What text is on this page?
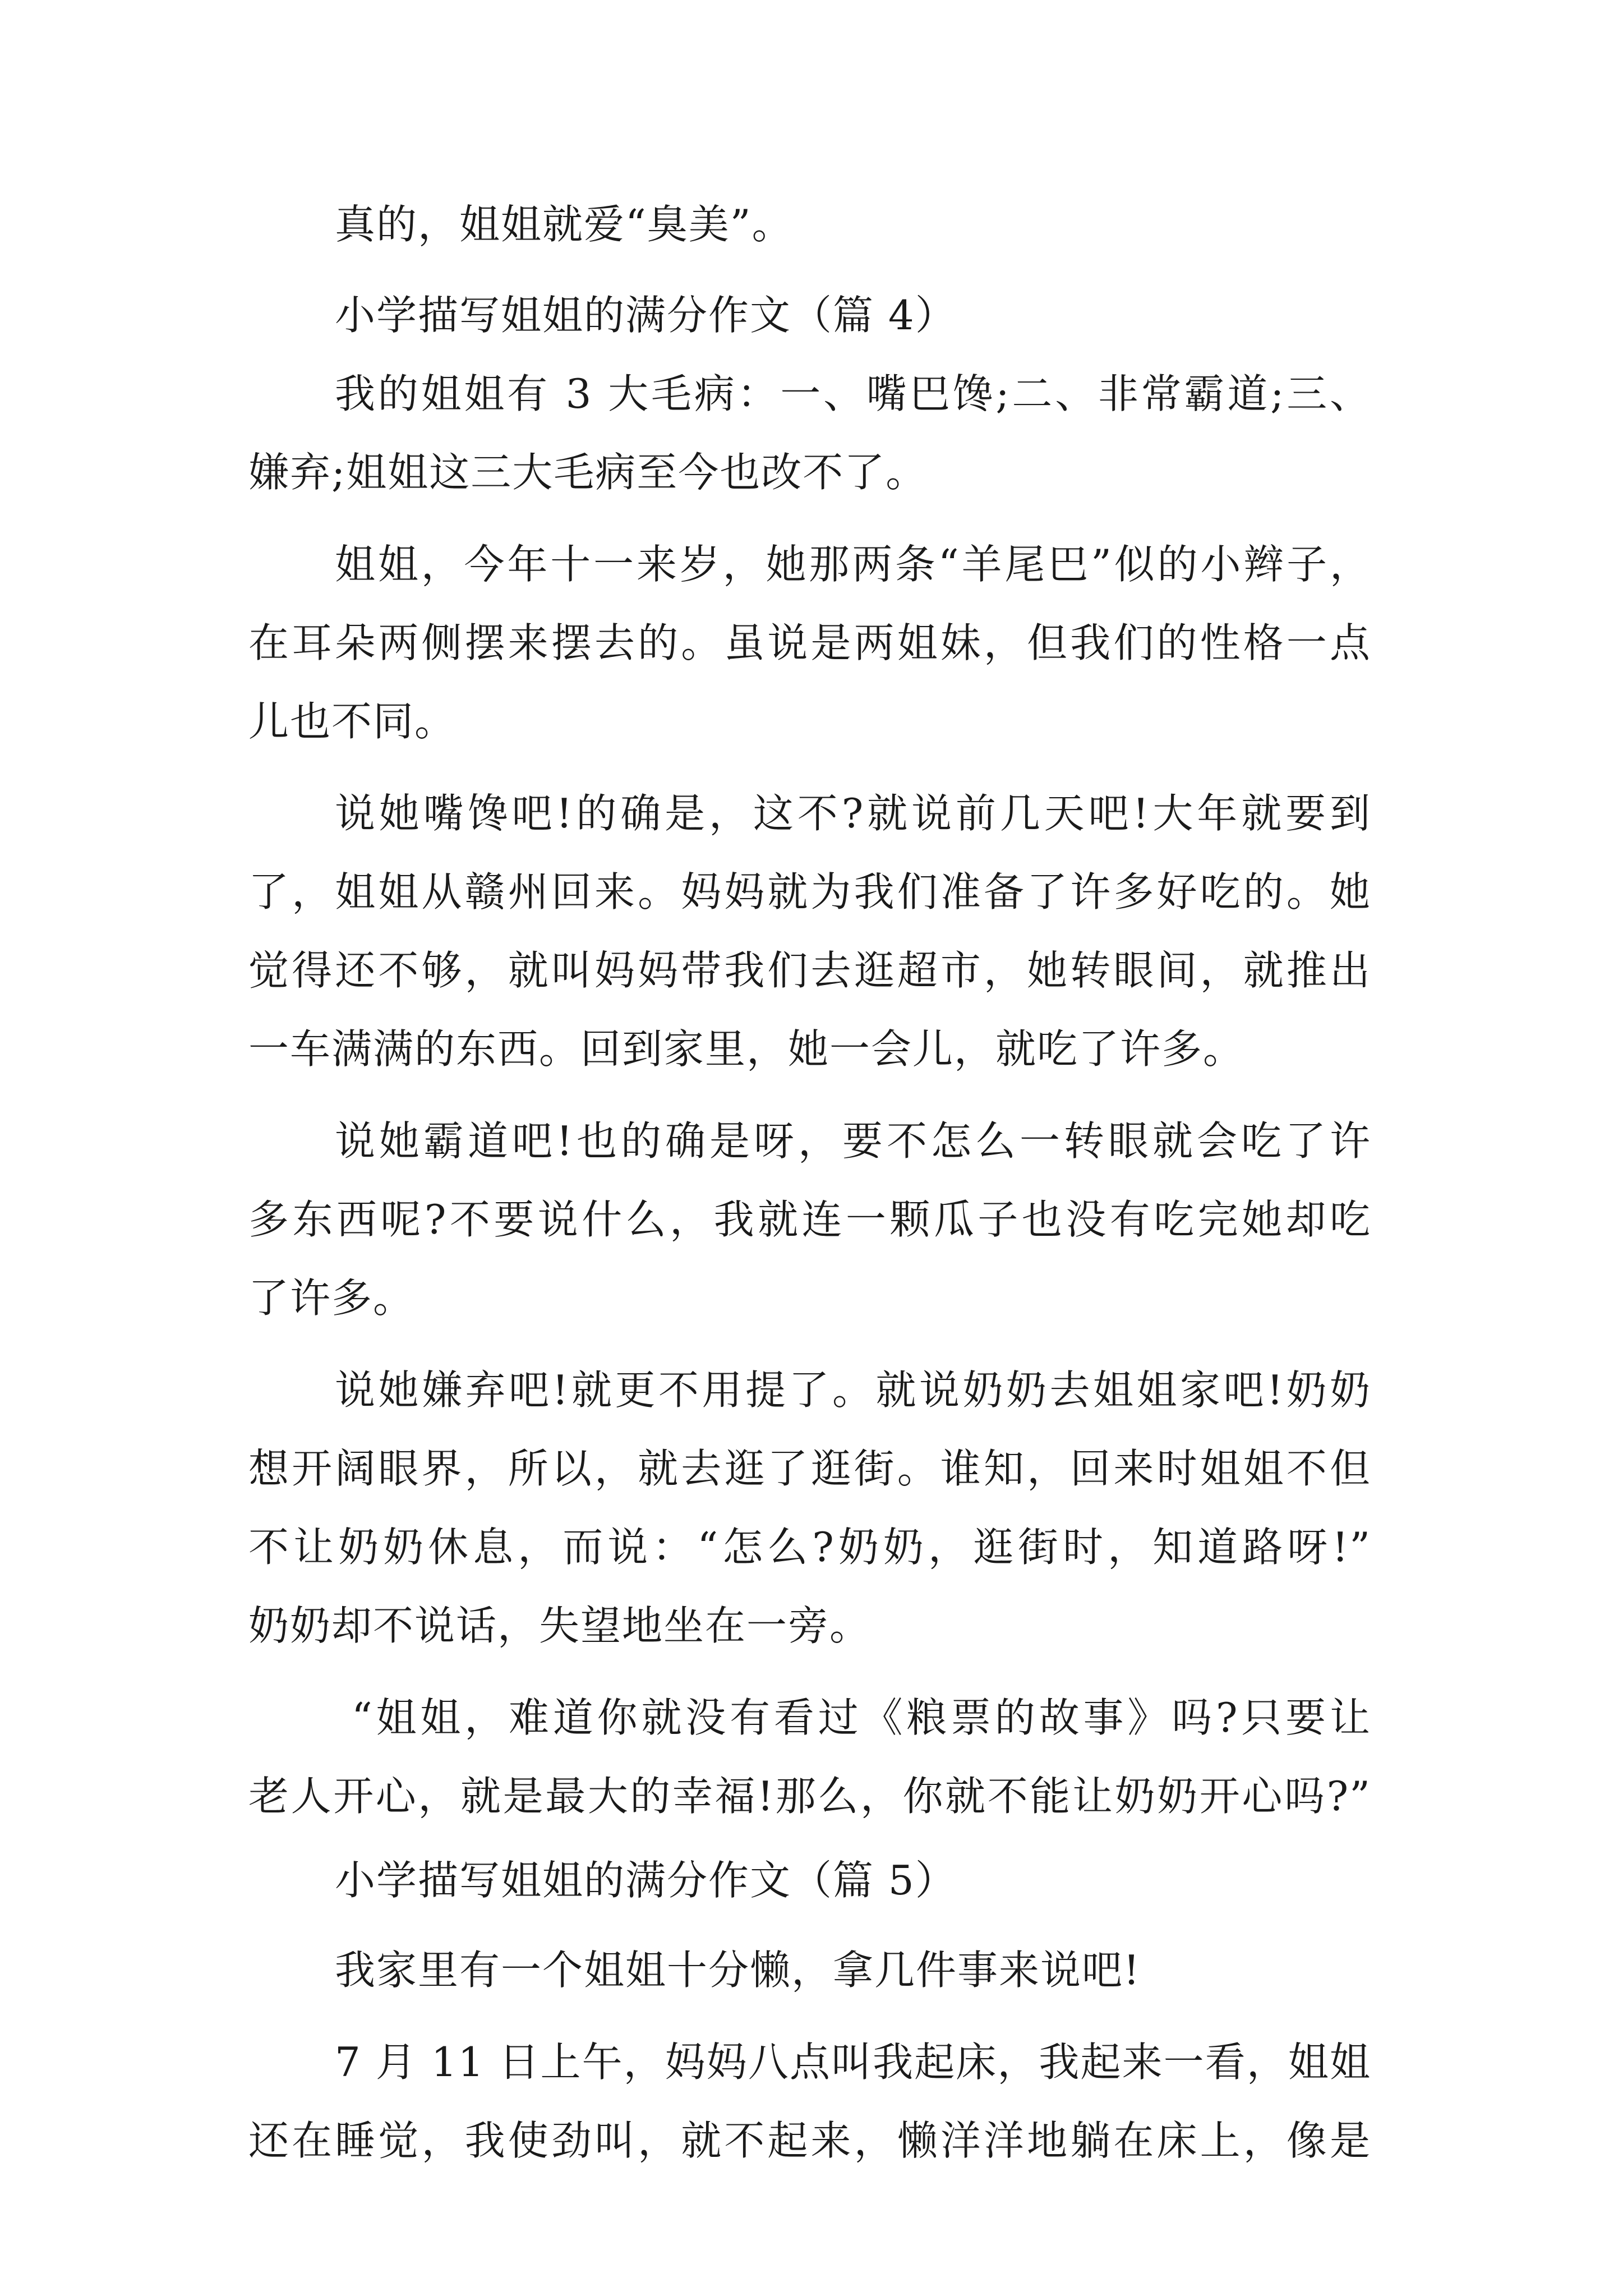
真的，姐姐就爱“臭美”。

小学描写姐姐的满分作文（篇 4）

我的姐姐有 3 大毛病：一、嘴巴馋;二、非常霸道;三、

嫌弃;姐姐这三大毛病至今也改不了。

姐姐，今年十一来岁，她那两条“羊尾巴”似的小辫子，

在耳朵两侧摆来摆去的。虽说是两姐妹，但我们的性格一点

儿也不同。

说她嘴馋吧!的确是，这不?就说前几天吧!大年就要到

了，姐姐从赣州回来。妈妈就为我们准备了许多好吃的。她

觉得还不够，就叫妈妈带我们去逛超市，她转眼间，就推出

一车满满的东西。回到家里，她一会儿，就吃了许多。

说她霸道吧!也的确是呀，要不怎么一转眼就会吃了许

多东西呢?不要说什么，我就连一颗瓜子也没有吃完她却吃

了许多。

说她嫌弃吧!就更不用提了。就说奶奶去姐姐家吧!奶奶

想开阔眼界，所以，就去逛了逛街。谁知，回来时姐姐不但

不让奶奶休息，而说：“怎么?奶奶，逛街时，知道路呀!”

奶奶却不说话，失望地坐在一旁。

“姐姐，难道你就没有看过《粮票的故事》吗?只要让

老人开心，就是最大的幸福!那么，你就不能让奶奶开心吗?”

小学描写姐姐的满分作文（篇 5）

我家里有一个姐姐十分懒，拿几件事来说吧!

7 月 11 日上午，妈妈八点叫我起床，我起来一看，姐姐

还在睡觉，我使劲叫，就不起来，懒洋洋地躺在床上，像是
